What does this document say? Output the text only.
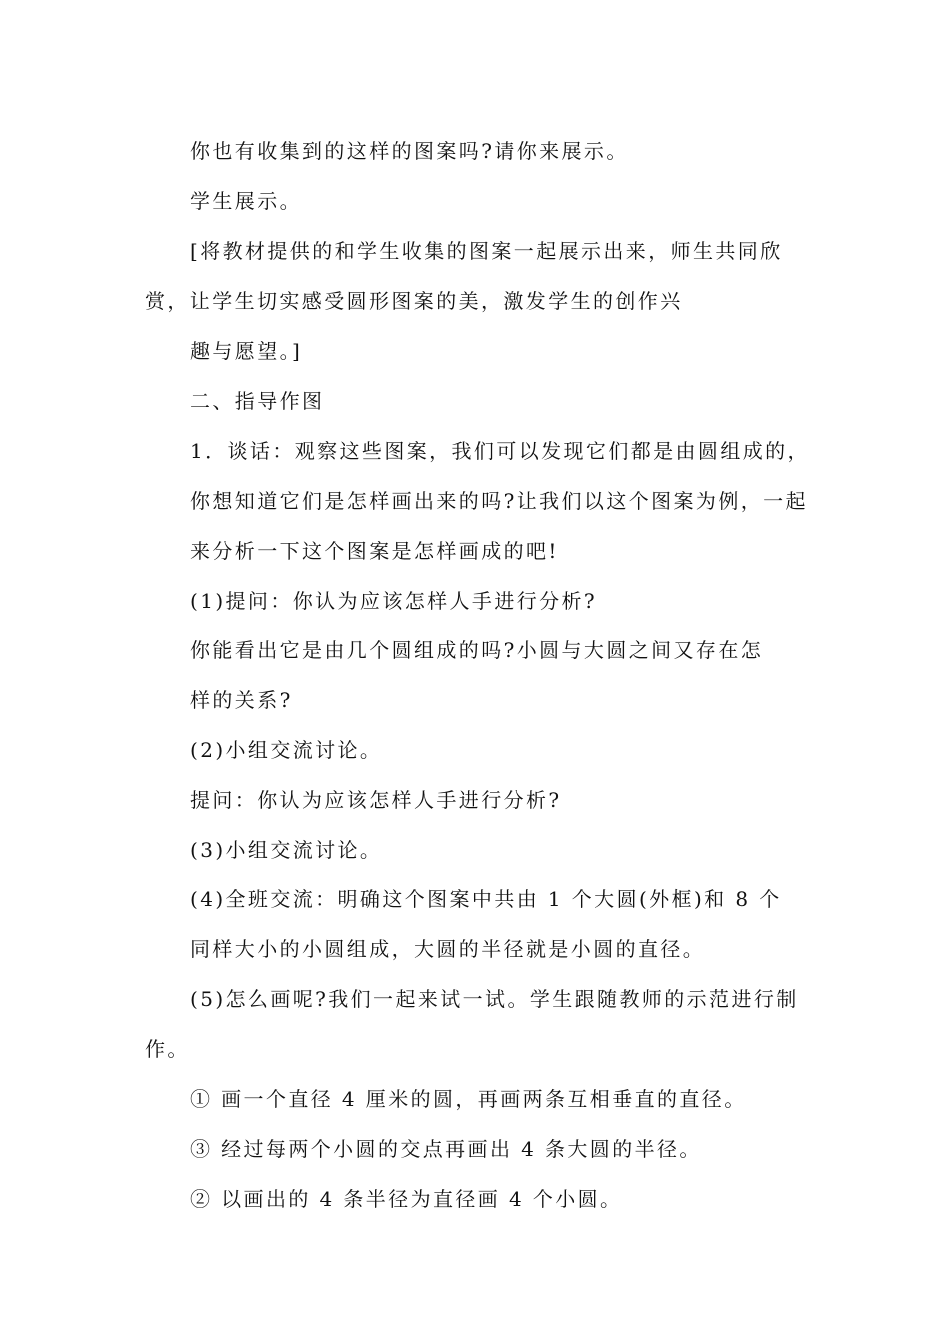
你也有收集到的这样的图案吗?请你来展示。
学生展示。
[将教材提供的和学生收集的图案一起展示出来，师生共同欣
赏，让学生切实感受圆形图案的美，激发学生的创作兴
趣与愿望。]
二、指导作图
1．谈话：观察这些图案，我们可以发现它们都是由圆组成的，
你想知道它们是怎样画出来的吗?让我们以这个图案为例，一起
来分析一下这个图案是怎样画成的吧!
(1)提问：你认为应该怎样人手进行分析?
你能看出它是由几个圆组成的吗?小圆与大圆之间又存在怎
样的关系?
(2)小组交流讨论。
提问：你认为应该怎样人手进行分析?
(3)小组交流讨论。
(4)全班交流：明确这个图案中共由 1 个大圆(外框)和 8 个
同样大小的小圆组成，大圆的半径就是小圆的直径。
(5)怎么画呢?我们一起来试一试。学生跟随教师的示范进行制
作。
① 画一个直径 4 厘米的圆，再画两条互相垂直的直径。
③ 经过每两个小圆的交点再画出 4 条大圆的半径。
② 以画出的 4 条半径为直径画 4 个小圆。
